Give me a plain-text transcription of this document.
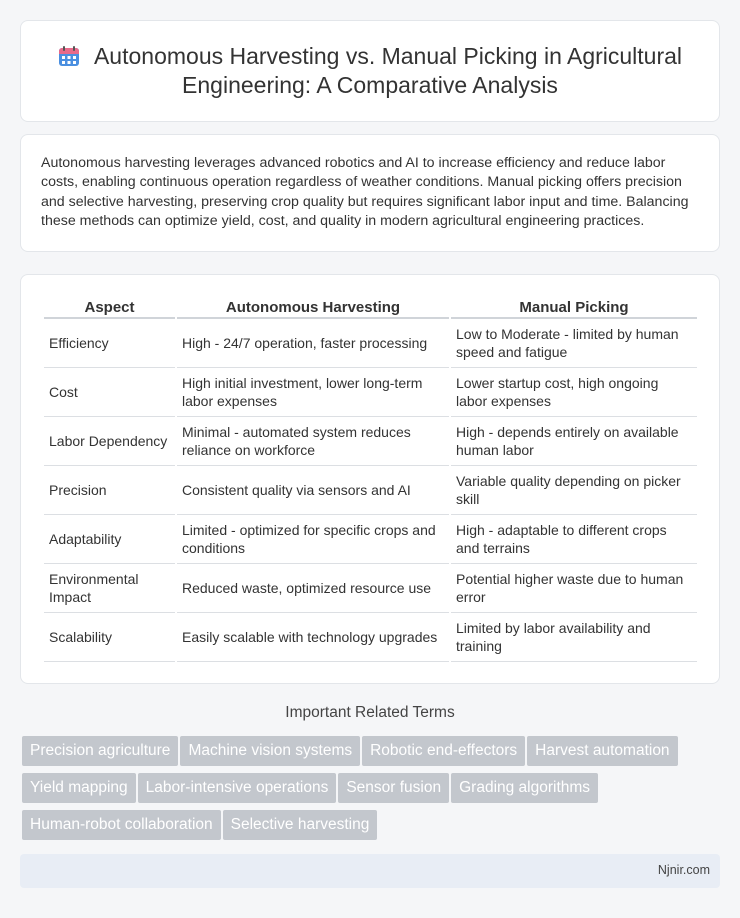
Autonomous Harvesting vs. Manual Picking in Agricultural Engineering: A Comparative Analysis

Autonomous harvesting leverages advanced robotics and AI to increase efficiency and reduce labor costs, enabling continuous operation regardless of weather conditions. Manual picking offers precision and selective harvesting, preserving crop quality but requires significant labor input and time. Balancing these methods can optimize yield, cost, and quality in modern agricultural engineering practices.

Aspect	Autonomous Harvesting	Manual Picking
Efficiency	High - 24/7 operation, faster processing	Low to Moderate - limited by human speed and fatigue
Cost	High initial investment, lower long-term labor expenses	Lower startup cost, high ongoing labor expenses
Labor Dependency	Minimal - automated system reduces reliance on workforce	High - depends entirely on available human labor
Precision	Consistent quality via sensors and AI	Variable quality depending on picker skill
Adaptability	Limited - optimized for specific crops and conditions	High - adaptable to different crops and terrains
Environmental Impact	Reduced waste, optimized resource use	Potential higher waste due to human error
Scalability	Easily scalable with technology upgrades	Limited by labor availability and training
Important Related Terms
Precision agriculture Machine vision systems Robotic end-effectors Harvest automation
Yield mapping Labor-intensive operations Sensor fusion Grading algorithms
Human-robot collaboration Selective harvesting
Njnir.com
